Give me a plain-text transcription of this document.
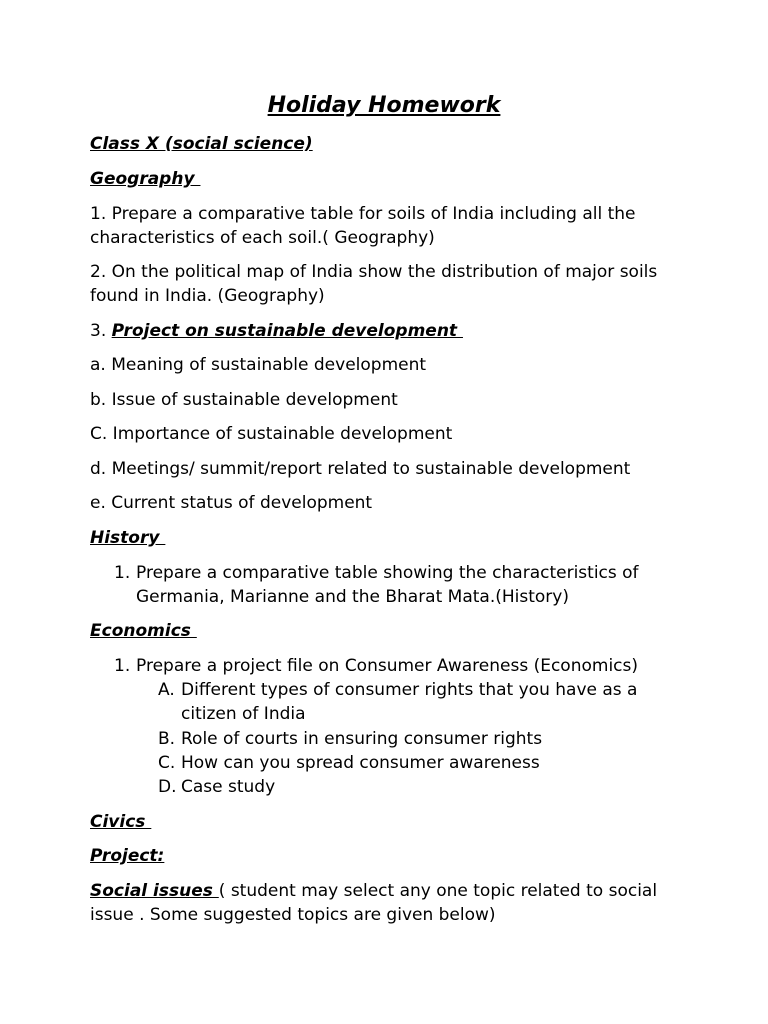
Holiday Homework
Class X (social science)
Geography
1. Prepare a comparative table for soils of India including all the
characteristics of each soil.( Geography)
2. On the political map of India show the distribution of major soils
found in India. (Geography)
3. Project on sustainable development
a. Meaning of sustainable development
b. Issue of sustainable development
C. Importance of sustainable development
d. Meetings/ summit/report related to sustainable development
e. Current status of development
History

1.

Prepare a comparative table showing the characteristics of

Germania, Marianne and the Bharat Mata.(History)

Economics

1.

Prepare a project file on Consumer Awareness (Economics)

A.

Different types of consumer rights that you have as a

citizen of India

B.

Role of courts in ensuring consumer rights

C.

How can you spread consumer awareness

D.

Case study

Civics
Project:
Social issues ( student may select any one topic related to social
issue . Some suggested topics are given below)
